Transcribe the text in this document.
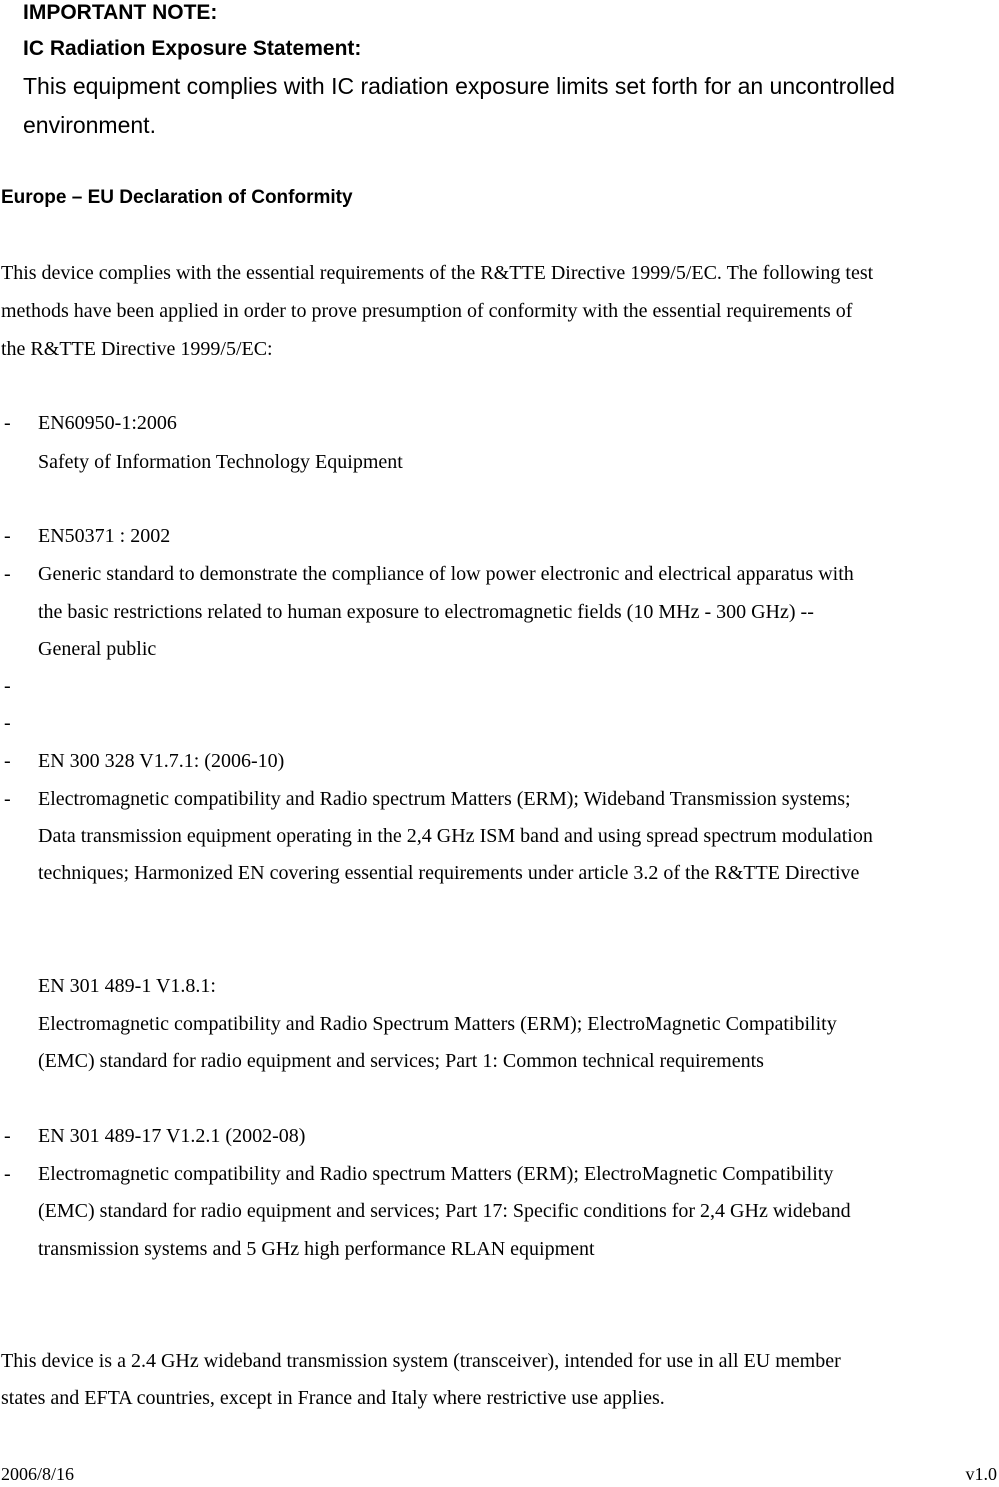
IMPORTANT NOTE:
IC Radiation Exposure Statement:
This equipment complies with IC radiation exposure limits set forth for an uncontrolled
environment.
Europe – EU Declaration of Conformity
This device complies with the essential requirements of the R&TTE Directive 1999/5/EC. The following test
methods have been applied in order to prove presumption of conformity with the essential requirements of
the R&TTE Directive 1999/5/EC:
- EN60950-1:2006
Safety of Information Technology Equipment
- EN50371 : 2002
- Generic standard to demonstrate the compliance of low power electronic and electrical apparatus with
the basic restrictions related to human exposure to electromagnetic fields (10 MHz - 300 GHz) --
General public
-
-
- EN 300 328 V1.7.1: (2006-10)
- Electromagnetic compatibility and Radio spectrum Matters (ERM); Wideband Transmission systems;
Data transmission equipment operating in the 2,4 GHz ISM band and using spread spectrum modulation
techniques; Harmonized EN covering essential requirements under article 3.2 of the R&TTE Directive
EN 301 489-1 V1.8.1:
Electromagnetic compatibility and Radio Spectrum Matters (ERM); ElectroMagnetic Compatibility
(EMC) standard for radio equipment and services; Part 1: Common technical requirements
- EN 301 489-17 V1.2.1 (2002-08)
- Electromagnetic compatibility and Radio spectrum Matters (ERM); ElectroMagnetic Compatibility
(EMC) standard for radio equipment and services; Part 17: Specific conditions for 2,4 GHz wideband
transmission systems and 5 GHz high performance RLAN equipment
This device is a 2.4 GHz wideband transmission system (transceiver), intended for use in all EU member
states and EFTA countries, except in France and Italy where restrictive use applies.
2006/8/16	v1.0
